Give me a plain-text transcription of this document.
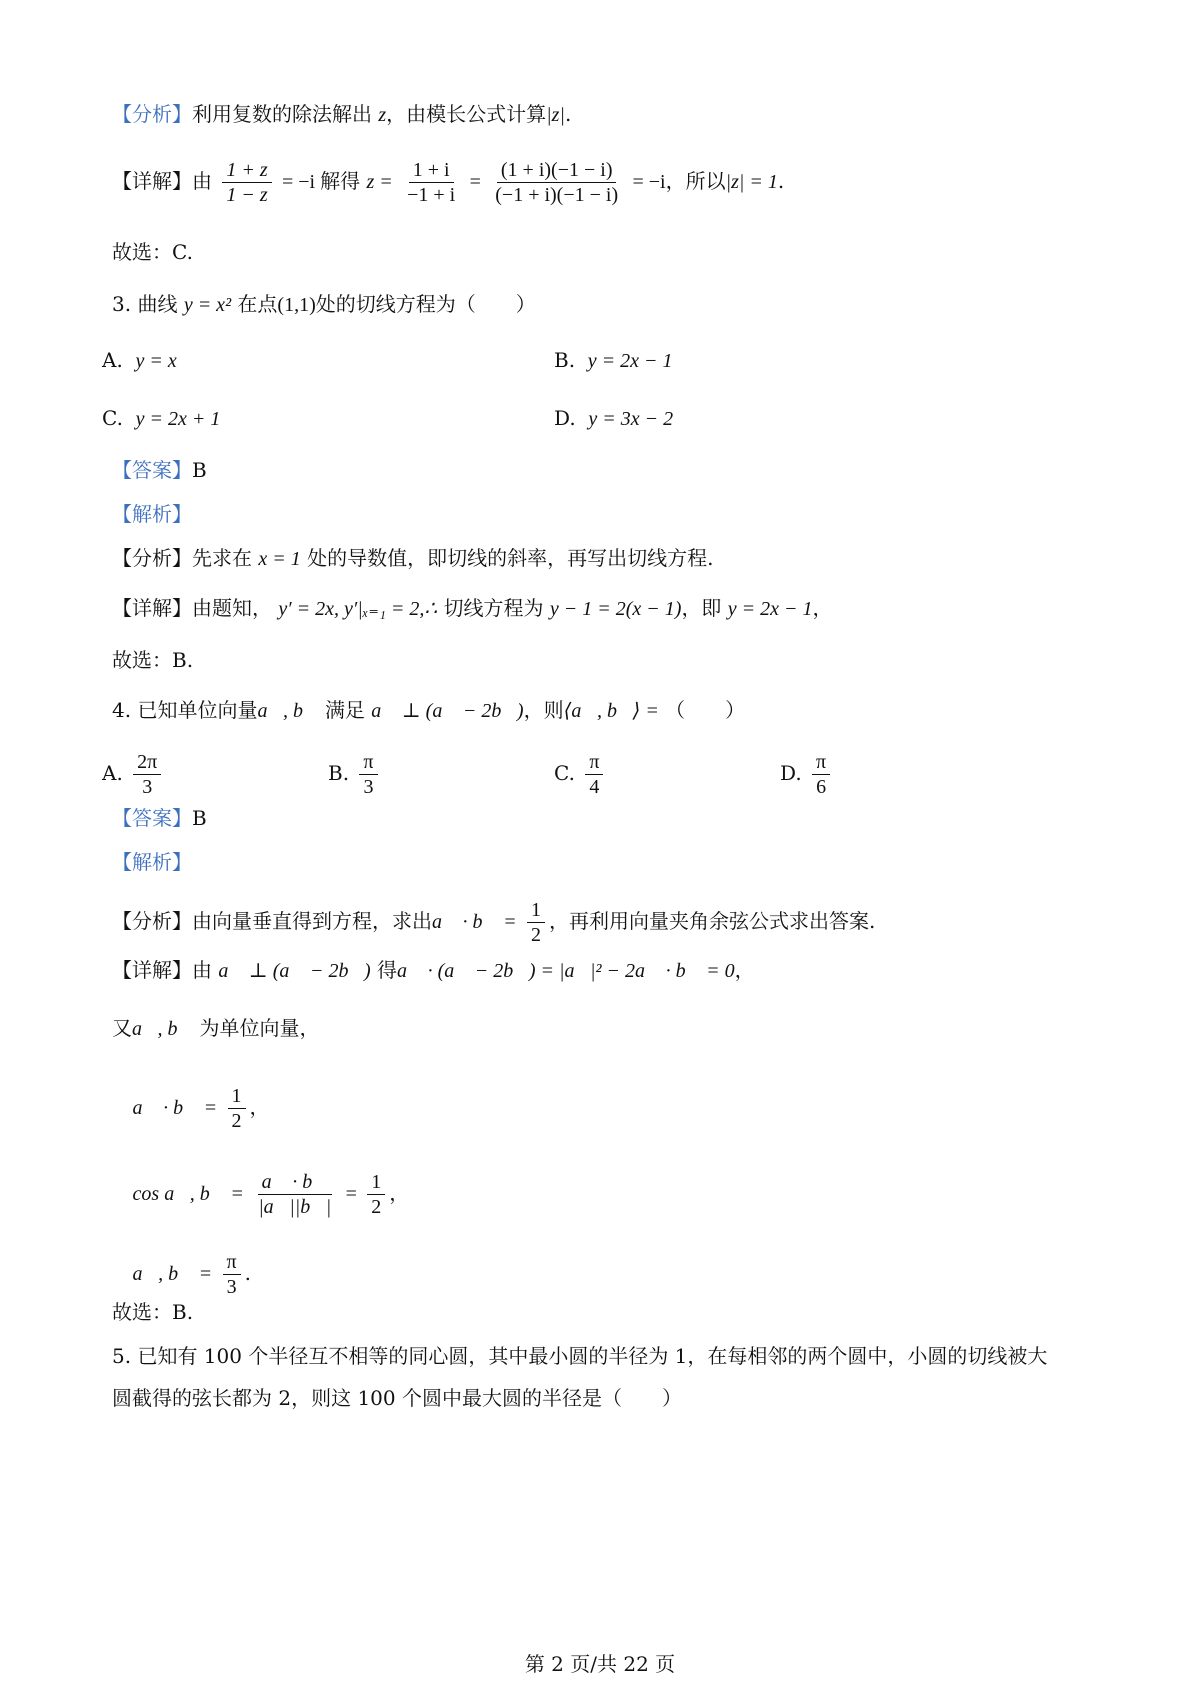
【分析】利用复数的除法解出 z，由模长公式计算|z|.
【详解】由 $\frac{1 + z}{1 - z} = -i$ 解得 $z = \frac{1 + i}{-1 + i} = \frac{(1 + i)(-1 - i)}{(-1 + i)(-1 - i)} = -i$，所以|z| = 1.
故选：C.
3. 曲线 y = x² 在点(1,1)处的切线方程为（　　）
A. y = x	B. y = 2x − 1
C. y = 2x + 1	D. y = 3x − 2
【答案】B
【解析】
【分析】先求在 x = 1 处的导数值，即切线的斜率，再写出切线方程.
【详解】由题知， y′ = 2x, y′|ₓ₌₁ = 2,∴ 切线方程为 y − 1 = 2(x − 1)，即 y = 2x − 1，
故选：B.
4. 已知单位向量a⃗, b⃗ 满足 a⃗ ⊥ (a⃗ − 2b⃗)，则⟨a⃗, b⃗⟩ = （　　）
A. $\frac{2\pi}{3}$	B. $\frac{\pi}{3}$	C. $\frac{\pi}{4}$	D. $\frac{\pi}{6}$
【答案】B
【解析】
【分析】由向量垂直得到方程，求出a⃗ · b⃗ = $\frac{1}{2}$ ，再利用向量夹角余弦公式求出答案.
【详解】由 a⃗ ⊥ (a⃗ − 2b⃗) 得a⃗ · (a⃗ − 2b⃗) = |a⃗|² − 2a⃗ · b⃗ = 0，
又a⃗, b⃗ 为单位向量，
∴ a⃗ · b⃗ = $\frac{1}{2}$ ，
∴ cos a⃗, b⃗ = $\frac{a⃗ \cdot b⃗}{|a⃗||b⃗|} = \frac{1}{2}$ ，
∴ a⃗, b⃗ = $\frac{\pi}{3}$ .
故选：B.
5. 已知有 100 个半径互不相等的同心圆，其中最小圆的半径为 1，在每相邻的两个圆中，小圆的切线被大
圆截得的弦长都为 2，则这 100 个圆中最大圆的半径是（　　）
第 2 页/共 22 页
